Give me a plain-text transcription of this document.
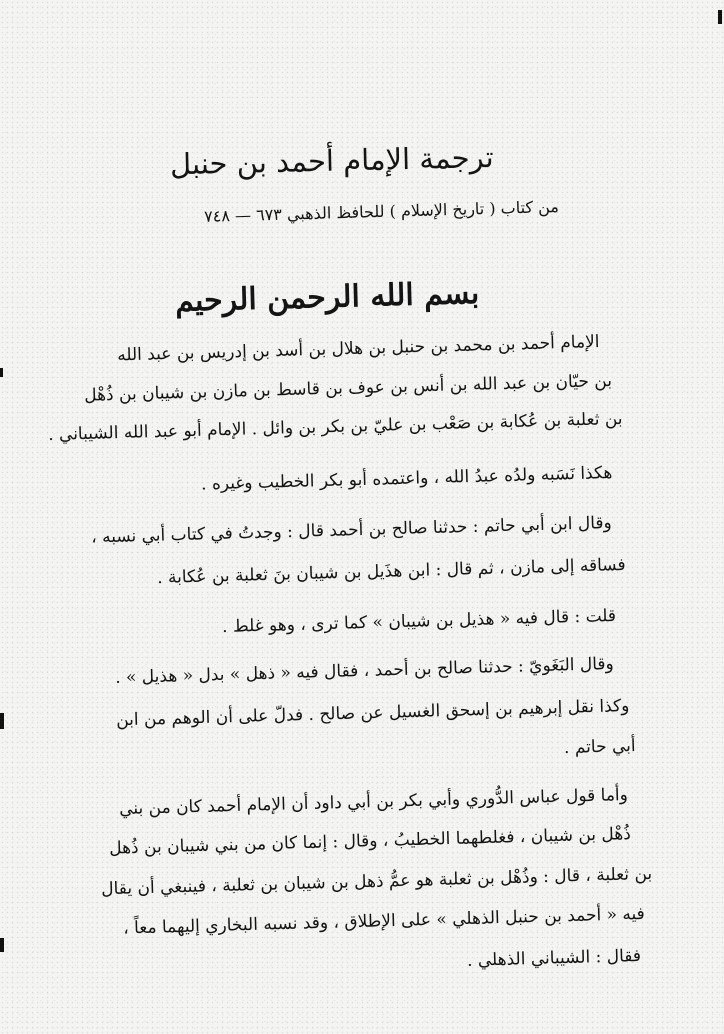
ترجمة الإمام أحمد بن حنبل
من كتاب ( تاريخ الإسلام ) للحافظ الذهبي ٦٧٣ — ٧٤٨
بسم الله الرحمن الرحيم
الإمام أحمد بن محمد بن حنبل بن هلال بن أسد بن إدريس بن عبد الله
بن حيّان بن عبد الله بن أنس بن عوف بن قاسط بن مازن بن شيبان بن ذُهْل
بن ثعلبة بن عُكابة بن صَعْب بن عليّ بن بكر بن وائل . الإمام أبو عبد الله الشيباني .
هكذا نَسَبه ولدُه عبدُ الله ، واعتمده أبو بكر الخطيب وغيره .
وقال ابن أبي حاتم : حدثنا صالح بن أحمد قال : وجدتُ في كتاب أبي نسبه ،
فساقه إلى مازن ، ثم قال : ابن هذَيل بن شيبان بنَ ثعلبة بن عُكابة .
قلت : قال فيه « هذيل بن شيبان » كما ترى ، وهو غلط .
وقال البَغَويّ : حدثنا صالح بن أحمد ، فقال فيه « ذهل » بدل « هذيل » .
وكذا نقل إبرهيم بن إسحق الغسيل عن صالح . فدلّ على أن الوهم من ابن
أبي حاتم .
وأما قول عباس الدُّوري وأبي بكر بن أبي داود أن الإمام أحمد كان من بني
ذُهْل بن شيبان ، فغلطهما الخطيبُ ، وقال : إنما كان من بني شيبان بن ذُهل
بن ثعلبة ، قال : وذُهْل بن ثعلبة هو عمُّ ذهل بن شيبان بن ثعلبة ، فينبغي أن يقال
فيه « أحمد بن حنبل الذهلي » على الإطلاق ، وقد نسبه البخاري إليهما معاً ،
فقال : الشيباني الذهلي .
